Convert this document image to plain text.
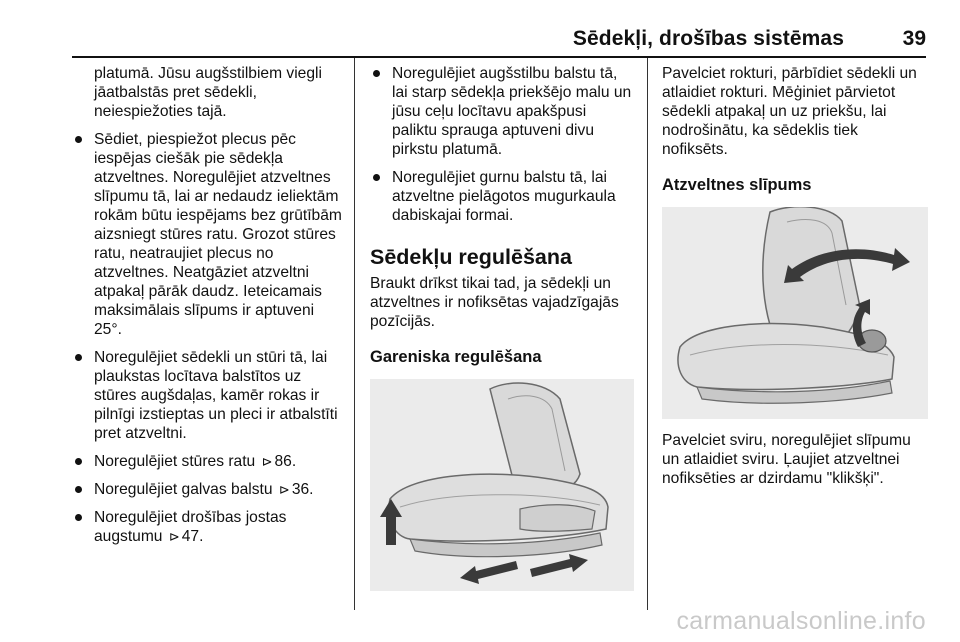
Sēdekļi, drošības sistēmas	39
platumā. Jūsu augšstilbiem viegli jāatbalstās pret sēdekli, neiespiežoties tajā.
Sēdiet, piespiežot plecus pēc iespējas ciešāk pie sēdekļa atzveltnes. Noregulējiet atzveltnes slīpumu tā, lai ar nedaudz ieliektām rokām būtu iespējams bez grūtībām aizsniegt stūres ratu. Grozot stūres ratu, neatraujiet plecus no atzveltnes. Neatgāziet atzveltni atpakaļ pārāk daudz. Ieteicamais maksimālais slīpums ir aptuveni 25°.
Noregulējiet sēdekli un stūri tā, lai plaukstas locītava balstītos uz stūres augšdaļas, kamēr rokas ir pilnīgi izstieptas un pleci ir atbalstīti pret atzveltni.
Noregulējiet stūres ratu ⊳ 86.
Noregulējiet galvas balstu ⊳ 36.
Noregulējiet drošības jostas augstumu ⊳ 47.
Noregulējiet augšstilbu balstu tā, lai starp sēdekļa priekšējo malu un jūsu ceļu locītavu apakšpusi paliktu sprauga aptuveni divu pirkstu platumā.
Noregulējiet gurnu balstu tā, lai atzveltne pielāgotos mugurkaula dabiskajai formai.
Sēdekļu regulēšana

Braukt drīkst tikai tad, ja sēdekļi un atzveltnes ir nofiksētas vajadzīgajās pozīcijās.

Gareniska regulēšana

Pavelciet rokturi, pārbīdiet sēdekli un atlaidiet rokturi. Mēģiniet pārvietot sēdekli atpakaļ un uz priekšu, lai nodrošinātu, ka sēdeklis tiek nofiksēts.

Atzveltnes slīpums

Pavelciet sviru, noregulējiet slīpumu un atlaidiet sviru. Ļaujiet atzveltnei nofiksēties ar dzirdamu "klikšķi".

carmanualsonline.info
